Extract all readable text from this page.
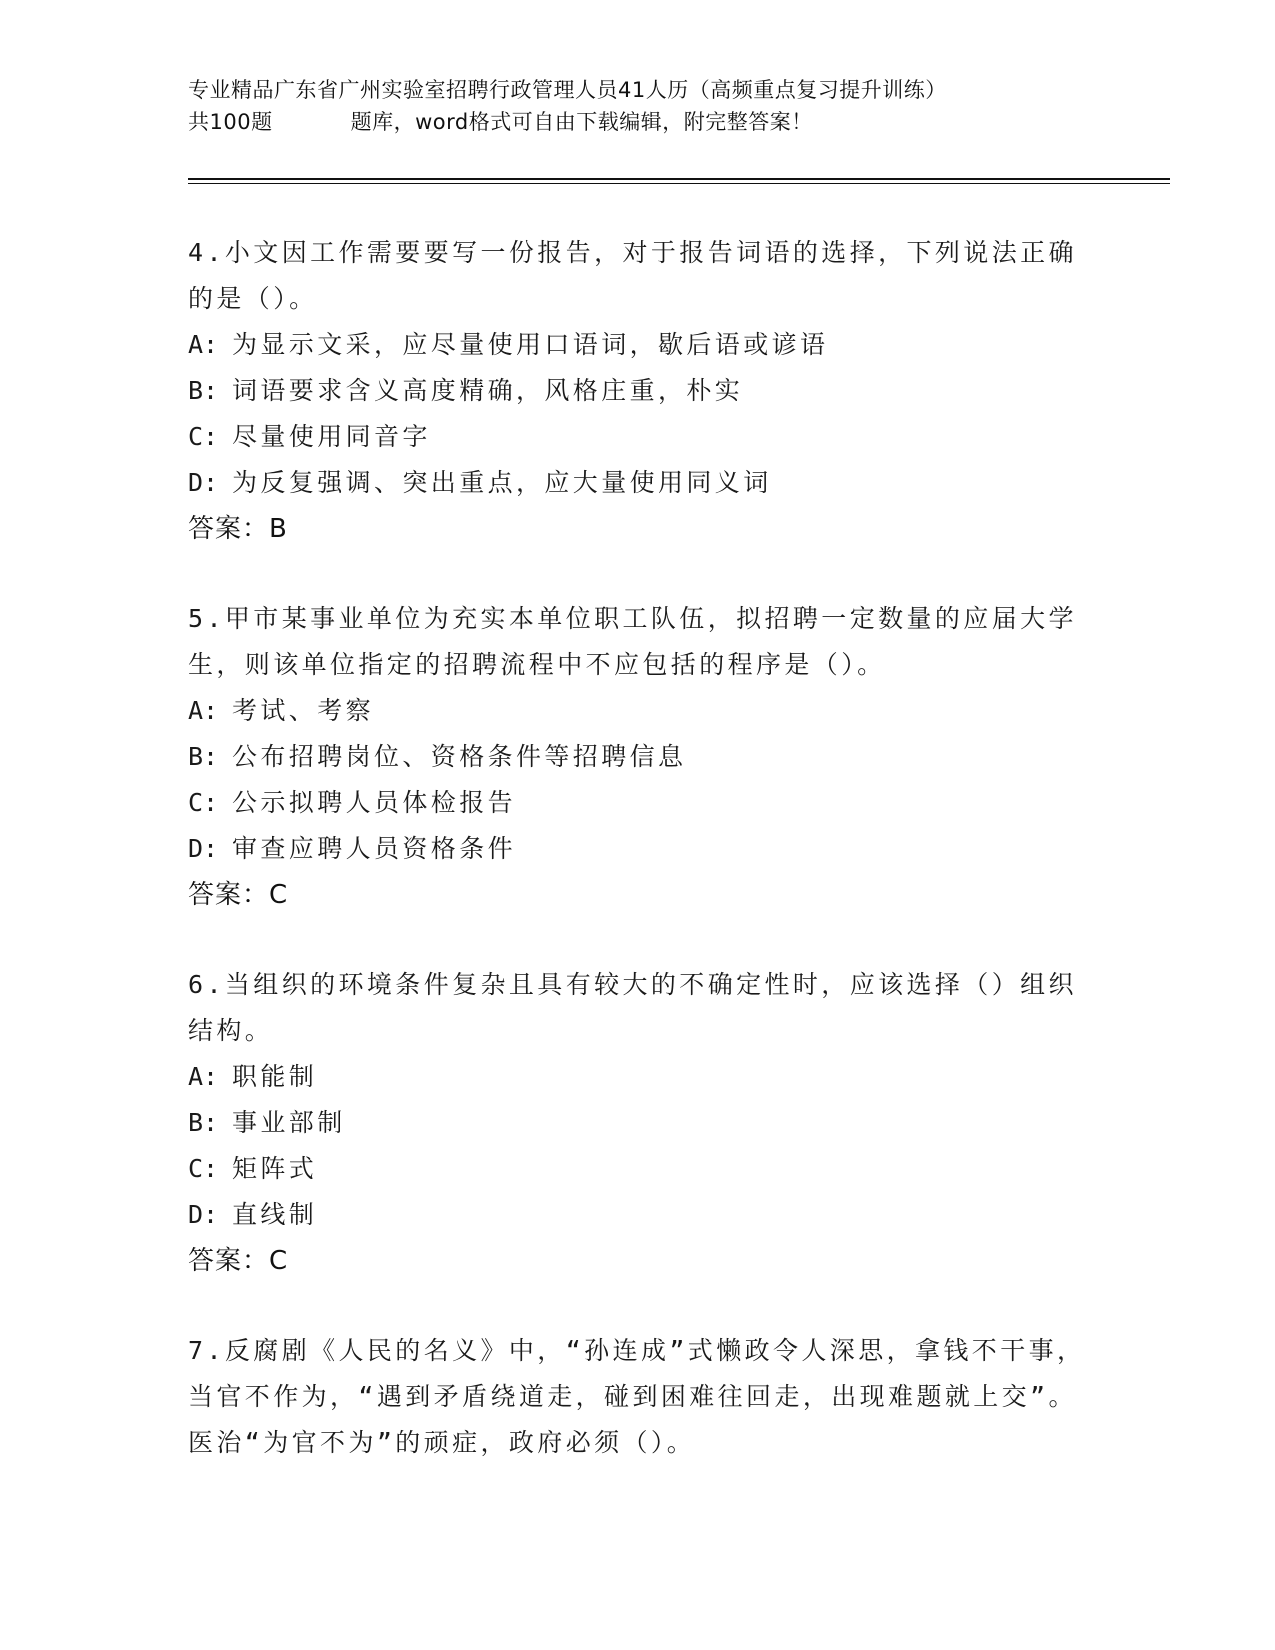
专业精品广东省广州实验室招聘行政管理人员41人历（高频重点复习提升训练）
共100题	题库，word格式可自由下载编辑，附完整答案！

4.小文因工作需要要写一份报告，对于报告词语的选择，下列说法正确的是（）。

A: 为显示文采，应尽量使用口语词，歇后语或谚语

B: 词语要求含义高度精确，风格庄重，朴实

C: 尽量使用同音字

D: 为反复强调、突出重点，应大量使用同义词

答案：B

5.甲市某事业单位为充实本单位职工队伍，拟招聘一定数量的应届大学生，则该单位指定的招聘流程中不应包括的程序是（）。

A: 考试、考察

B: 公布招聘岗位、资格条件等招聘信息

C: 公示拟聘人员体检报告

D: 审查应聘人员资格条件

答案：C

6.当组织的环境条件复杂且具有较大的不确定性时，应该选择（）组织结构。

A: 职能制

B: 事业部制

C: 矩阵式

D: 直线制

答案：C

7.反腐剧《人民的名义》中，“孙连成”式懒政令人深思，拿钱不干事，当官不作为，“遇到矛盾绕道走，碰到困难往回走，出现难题就上交”。医治“为官不为”的顽症，政府必须（）。
